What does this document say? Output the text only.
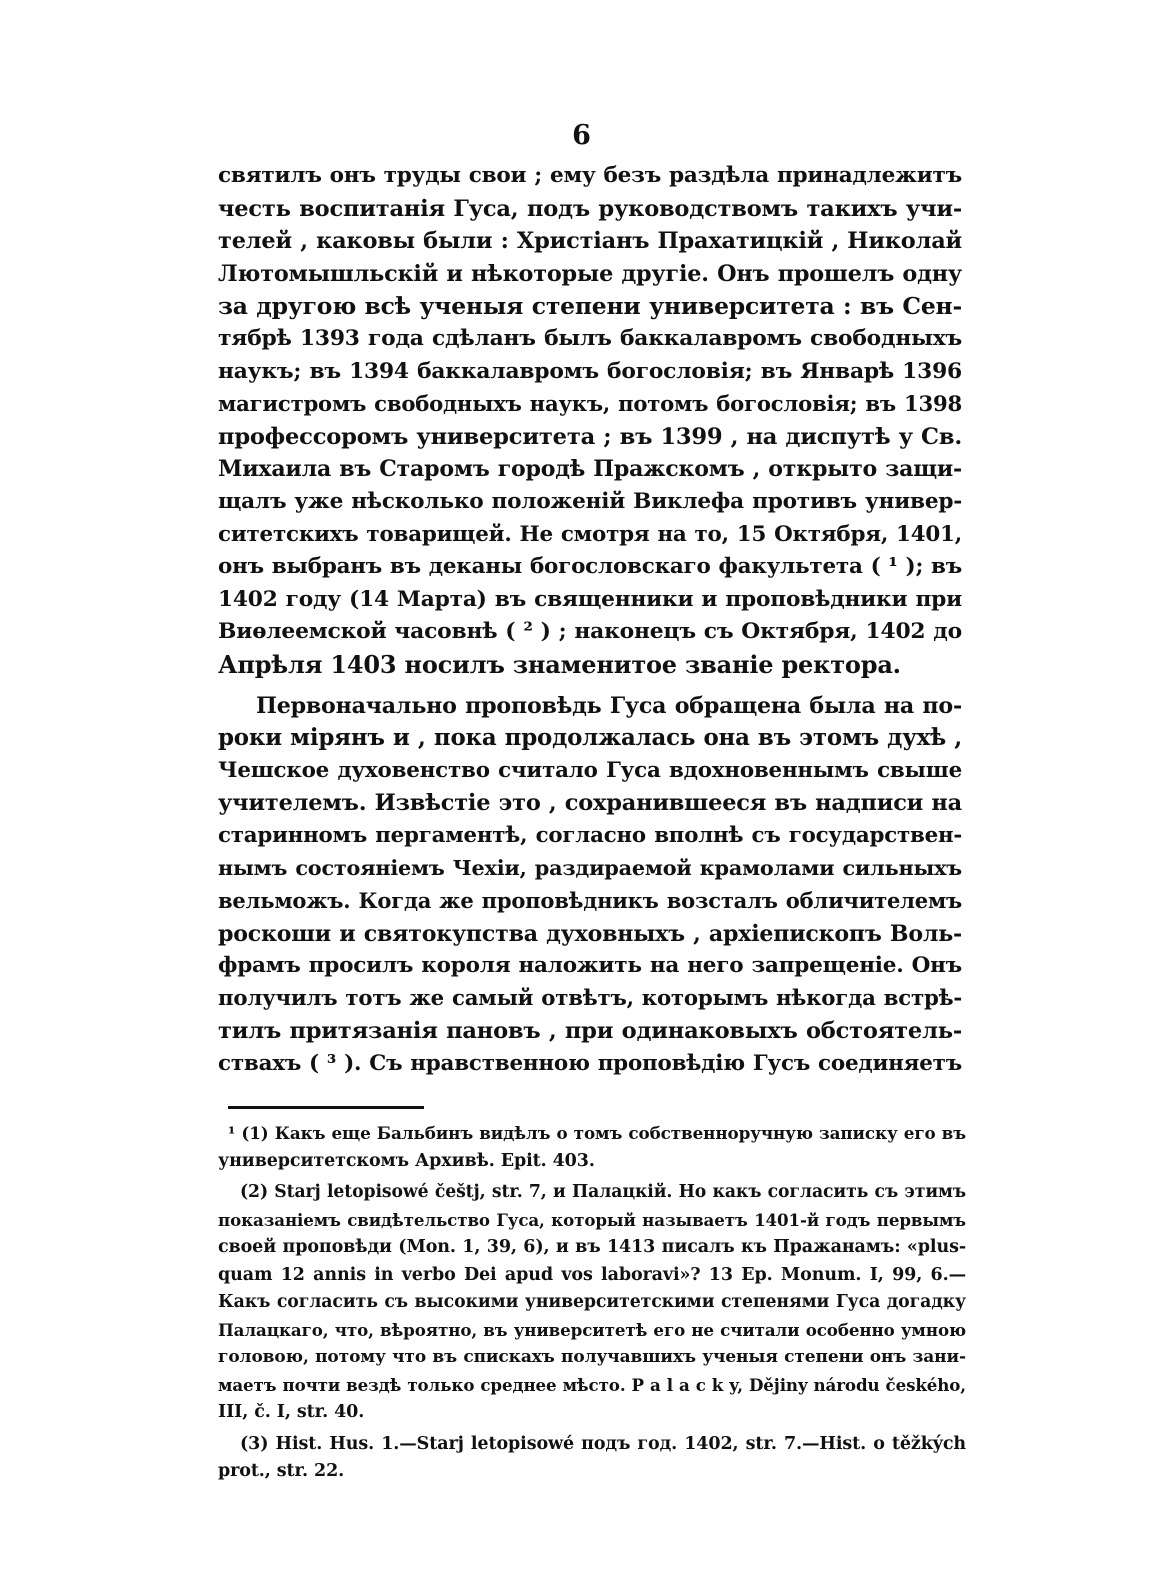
6
святилъ онъ труды свои ; ему безъ раздѣла принадлежитъ
честь воспитанія Гуса, подъ руководствомъ такихъ учи-
телей , каковы были : Христіанъ Прахатицкій , Николай
Лютомышльскій и нѣкоторые другіе. Онъ прошелъ одну
за другою всѣ ученыя степени университета : въ Сен-
тябрѣ 1393 года сдѣланъ былъ баккалавромъ свободныхъ
наукъ; въ 1394 баккалавромъ богословія; въ Январѣ 1396
магистромъ свободныхъ наукъ, потомъ богословія; въ 1398
профессоромъ университета ; въ 1399 , на диспутѣ у Св.
Михаила въ Старомъ городѣ Пражскомъ , открыто защи-
щалъ уже нѣсколько положеній Виклефа противъ универ-
ситетскихъ товарищей. Не смотря на то, 15 Октября, 1401,
онъ выбранъ въ деканы богословскаго факультета ( ¹ ); въ
1402 году (14 Марта) въ священники и проповѣдники при
Виѳлеемской часовнѣ ( ² ) ; наконецъ съ Октября, 1402 до
Апрѣля 1403 носилъ знаменитое званіе ректора.
Первоначально проповѣдь Гуса обращена была на по-
роки мірянъ и , пока продолжалась она въ этомъ духѣ ,
Чешское духовенство считало Гуса вдохновеннымъ свыше
учителемъ. Извѣстіе это , сохранившееся въ надписи на
старинномъ пергаментѣ, согласно вполнѣ съ государствен-
нымъ состояніемъ Чехіи, раздираемой крамолами сильныхъ
вельможъ. Когда же проповѣдникъ возсталъ обличителемъ
роскоши и святокупства духовныхъ , архіепископъ Воль-
фрамъ просилъ короля наложить на него запрещеніе. Онъ
получилъ тотъ же самый отвѣтъ, которымъ нѣкогда встрѣ-
тилъ притязанія пановъ , при одинаковыхъ обстоятель-
ствахъ ( ³ ). Съ нравственною проповѣдію Гусъ соединяетъ
¹ (1) Какъ еще Бальбинъ видѣлъ о томъ собственноручную записку его въ
университетскомъ Архивѣ. Epit. 403.
(2) Starj letopisowé češtj, str. 7, и Палацкій. Но какъ согласить съ этимъ
показаніемъ свидѣтельство Гуса, который называетъ 1401-й годъ первымъ
своей проповѣди (Mon. 1, 39, 6), и въ 1413 писалъ къ Пражанамъ: «plus-
quam 12 annis in verbo Dei apud vos laboravi»? 13 Ep. Monum. I, 99, 6.—
Какъ согласить съ высокими университетскими степенями Гуса догадку
Палацкаго, что, вѣроятно, въ университетѣ его не считали особенно умною
головою, потому что въ спискахъ получавшихъ ученыя степени онъ зани-
маетъ почти вездѣ только среднее мѣсто. P a l a c k y, Dějiny národu českého,
III, č. I, str. 40.
(3) Hist. Hus. 1.—Starj letopisowé подъ год. 1402, str. 7.—Hist. o těžkých
prot., str. 22.
